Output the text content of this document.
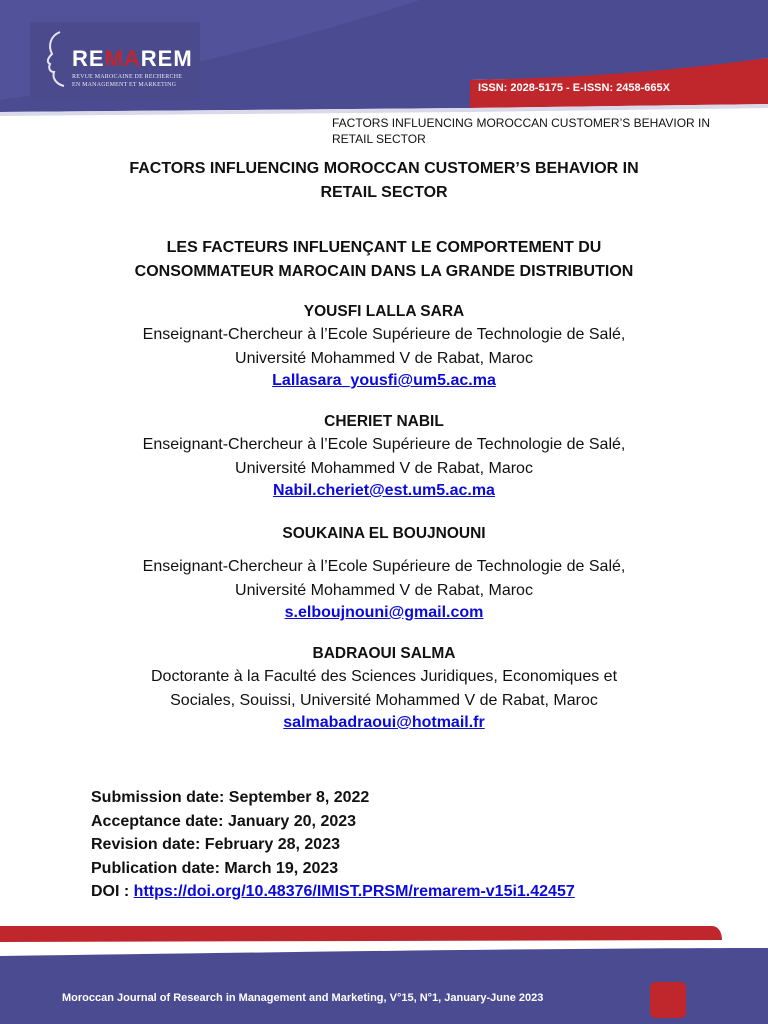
REMAREM
REVUE MAROCAINE DE RECHERCHE
EN MANAGEMENT ET MARKETING	ISSN: 2028-5175 - E-ISSN: 2458-665X
FACTORS INFLUENCING MOROCCAN CUSTOMER’S BEHAVIOR IN RETAIL SECTOR
FACTORS INFLUENCING MOROCCAN CUSTOMER’S BEHAVIOR IN
RETAIL SECTOR
LES FACTEURS INFLUENÇANT LE COMPORTEMENT DU
CONSOMMATEUR MAROCAIN DANS LA GRANDE DISTRIBUTION
YOUSFI LALLA SARA
Enseignant-Chercheur à l’Ecole Supérieure de Technologie de Salé,
Université Mohammed V de Rabat, Maroc
Lallasara_yousfi@um5.ac.ma
CHERIET NABIL
Enseignant-Chercheur à l’Ecole Supérieure de Technologie de Salé,
Université Mohammed V de Rabat, Maroc
Nabil.cheriet@est.um5.ac.ma
SOUKAINA EL BOUJNOUNI
Enseignant-Chercheur à l’Ecole Supérieure de Technologie de Salé,
Université Mohammed V de Rabat, Maroc
s.elboujnouni@gmail.com
BADRAOUI SALMA
Doctorante à la Faculté des Sciences Juridiques, Economiques et
Sociales, Souissi, Université Mohammed V de Rabat, Maroc
salmabadraoui@hotmail.fr
Submission date: September 8, 2022
Acceptance date: January 20, 2023
Revision date: February 28, 2023
Publication date: March 19, 2023
DOI : https://doi.org/10.48376/IMIST.PRSM/remarem-v15i1.42457
Moroccan Journal of Research in Management and Marketing, V°15, N°1, January-June 2023
